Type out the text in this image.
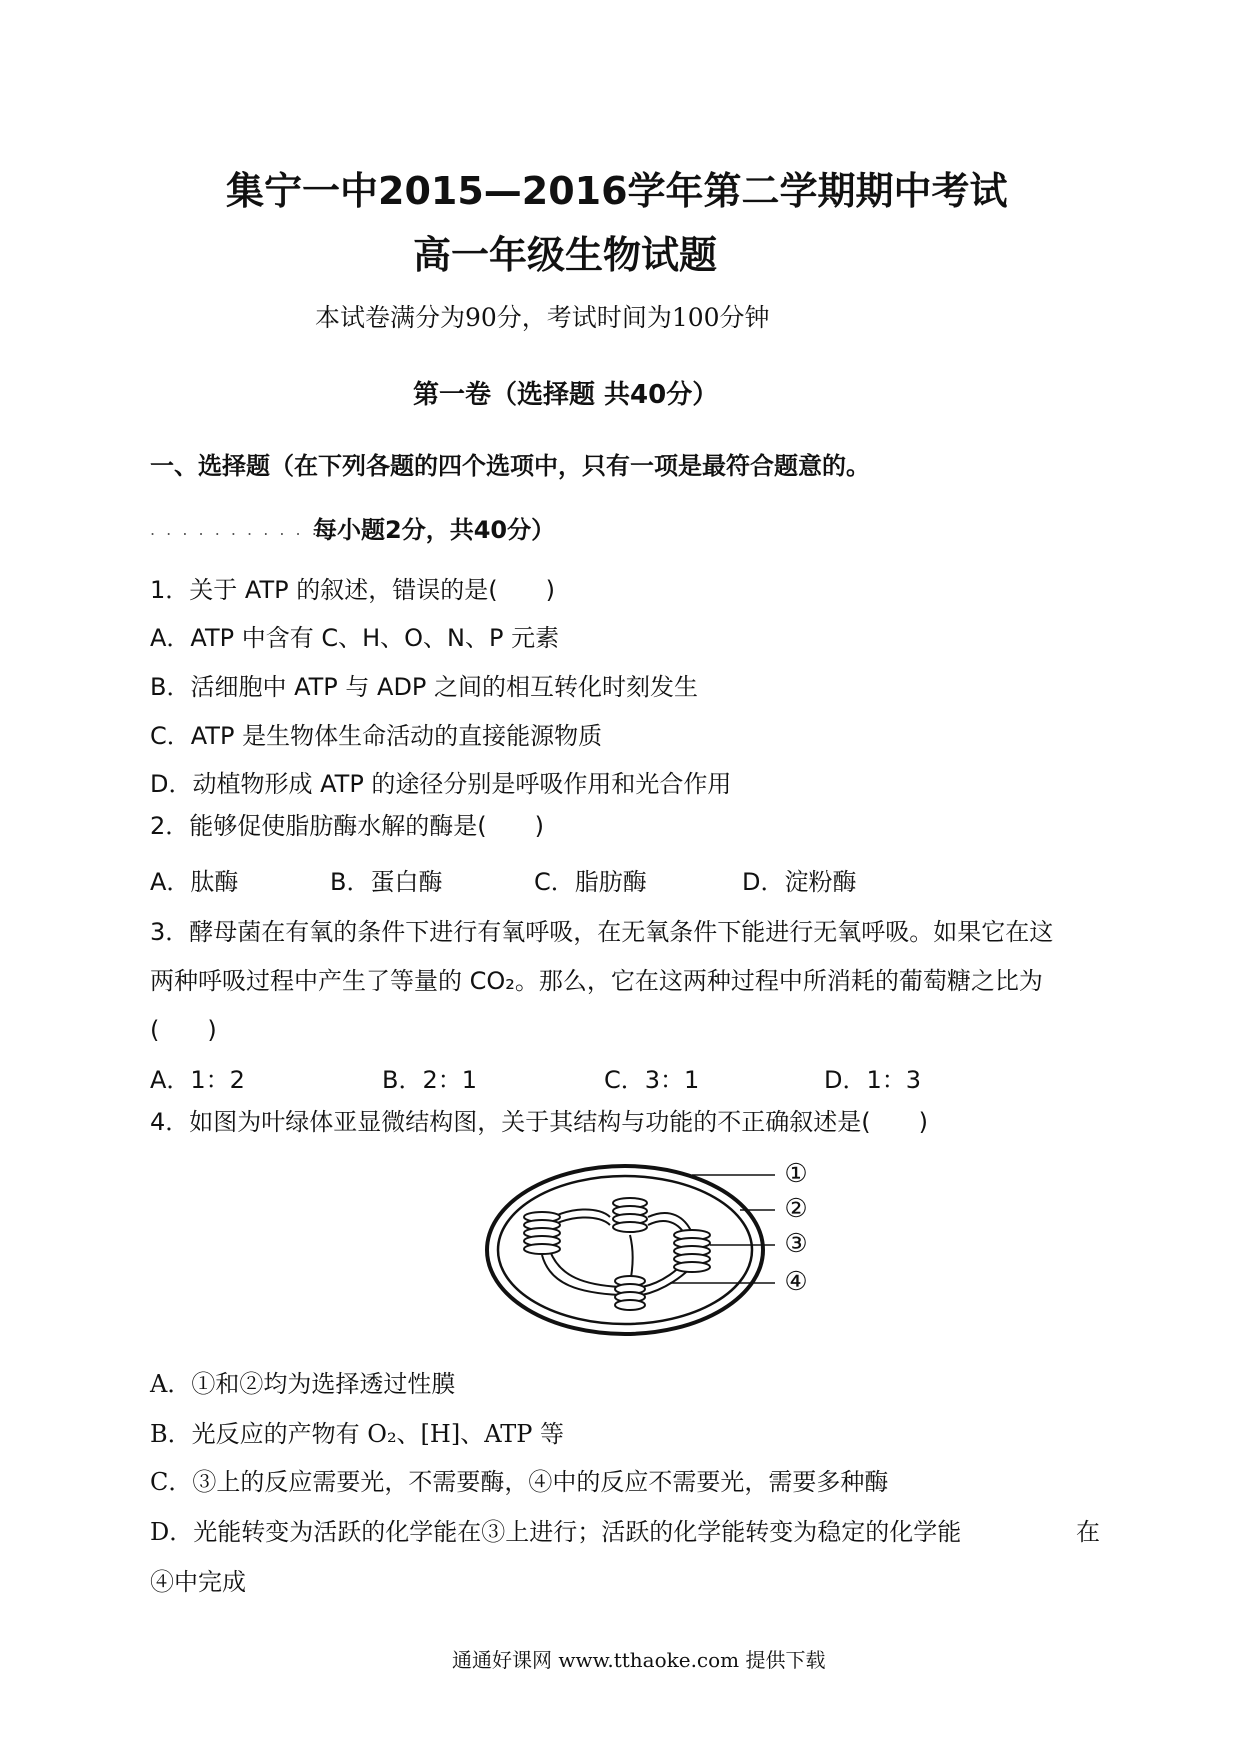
集宁一中2015—2016学年第二学期期中考试
高一年级生物试题
本试卷满分为90分，考试时间为100分钟
第一卷（选择题 共40分）
一、选择题（在下列各题的四个选项中，只有一项是最符合题意的。
. . . . . . . . . . .
每小题2分，共40分）
1．关于 ATP 的叙述，错误的是(　　)
A．ATP 中含有 C、H、O、N、P 元素
B．活细胞中 ATP 与 ADP 之间的相互转化时刻发生
C．ATP 是生物体生命活动的直接能源物质
D．动植物形成 ATP 的途径分别是呼吸作用和光合作用
2．能够促使脂肪酶水解的酶是(　　)
A．肽酶	B．蛋白酶	C．脂肪酶	D．淀粉酶
3．酵母菌在有氧的条件下进行有氧呼吸，在无氧条件下能进行无氧呼吸。如果它在这
两种呼吸过程中产生了等量的 CO₂。那么，它在这两种过程中所消耗的葡萄糖之比为
(　　)
A．1：2	B．2：1	C．3：1	D．1：3
4．如图为叶绿体亚显微结构图，关于其结构与功能的不正确叙述是(　　)
①
②
③
④
A．①和②均为选择透过性膜
B．光反应的产物有 O₂、[H]、ATP 等
C．③上的反应需要光，不需要酶，④中的反应不需要光，需要多种酶
D．光能转变为活跃的化学能在③上进行；活跃的化学能转变为稳定的化学能	在
④中完成
通通好课网 www.tthaoke.com 提供下载
